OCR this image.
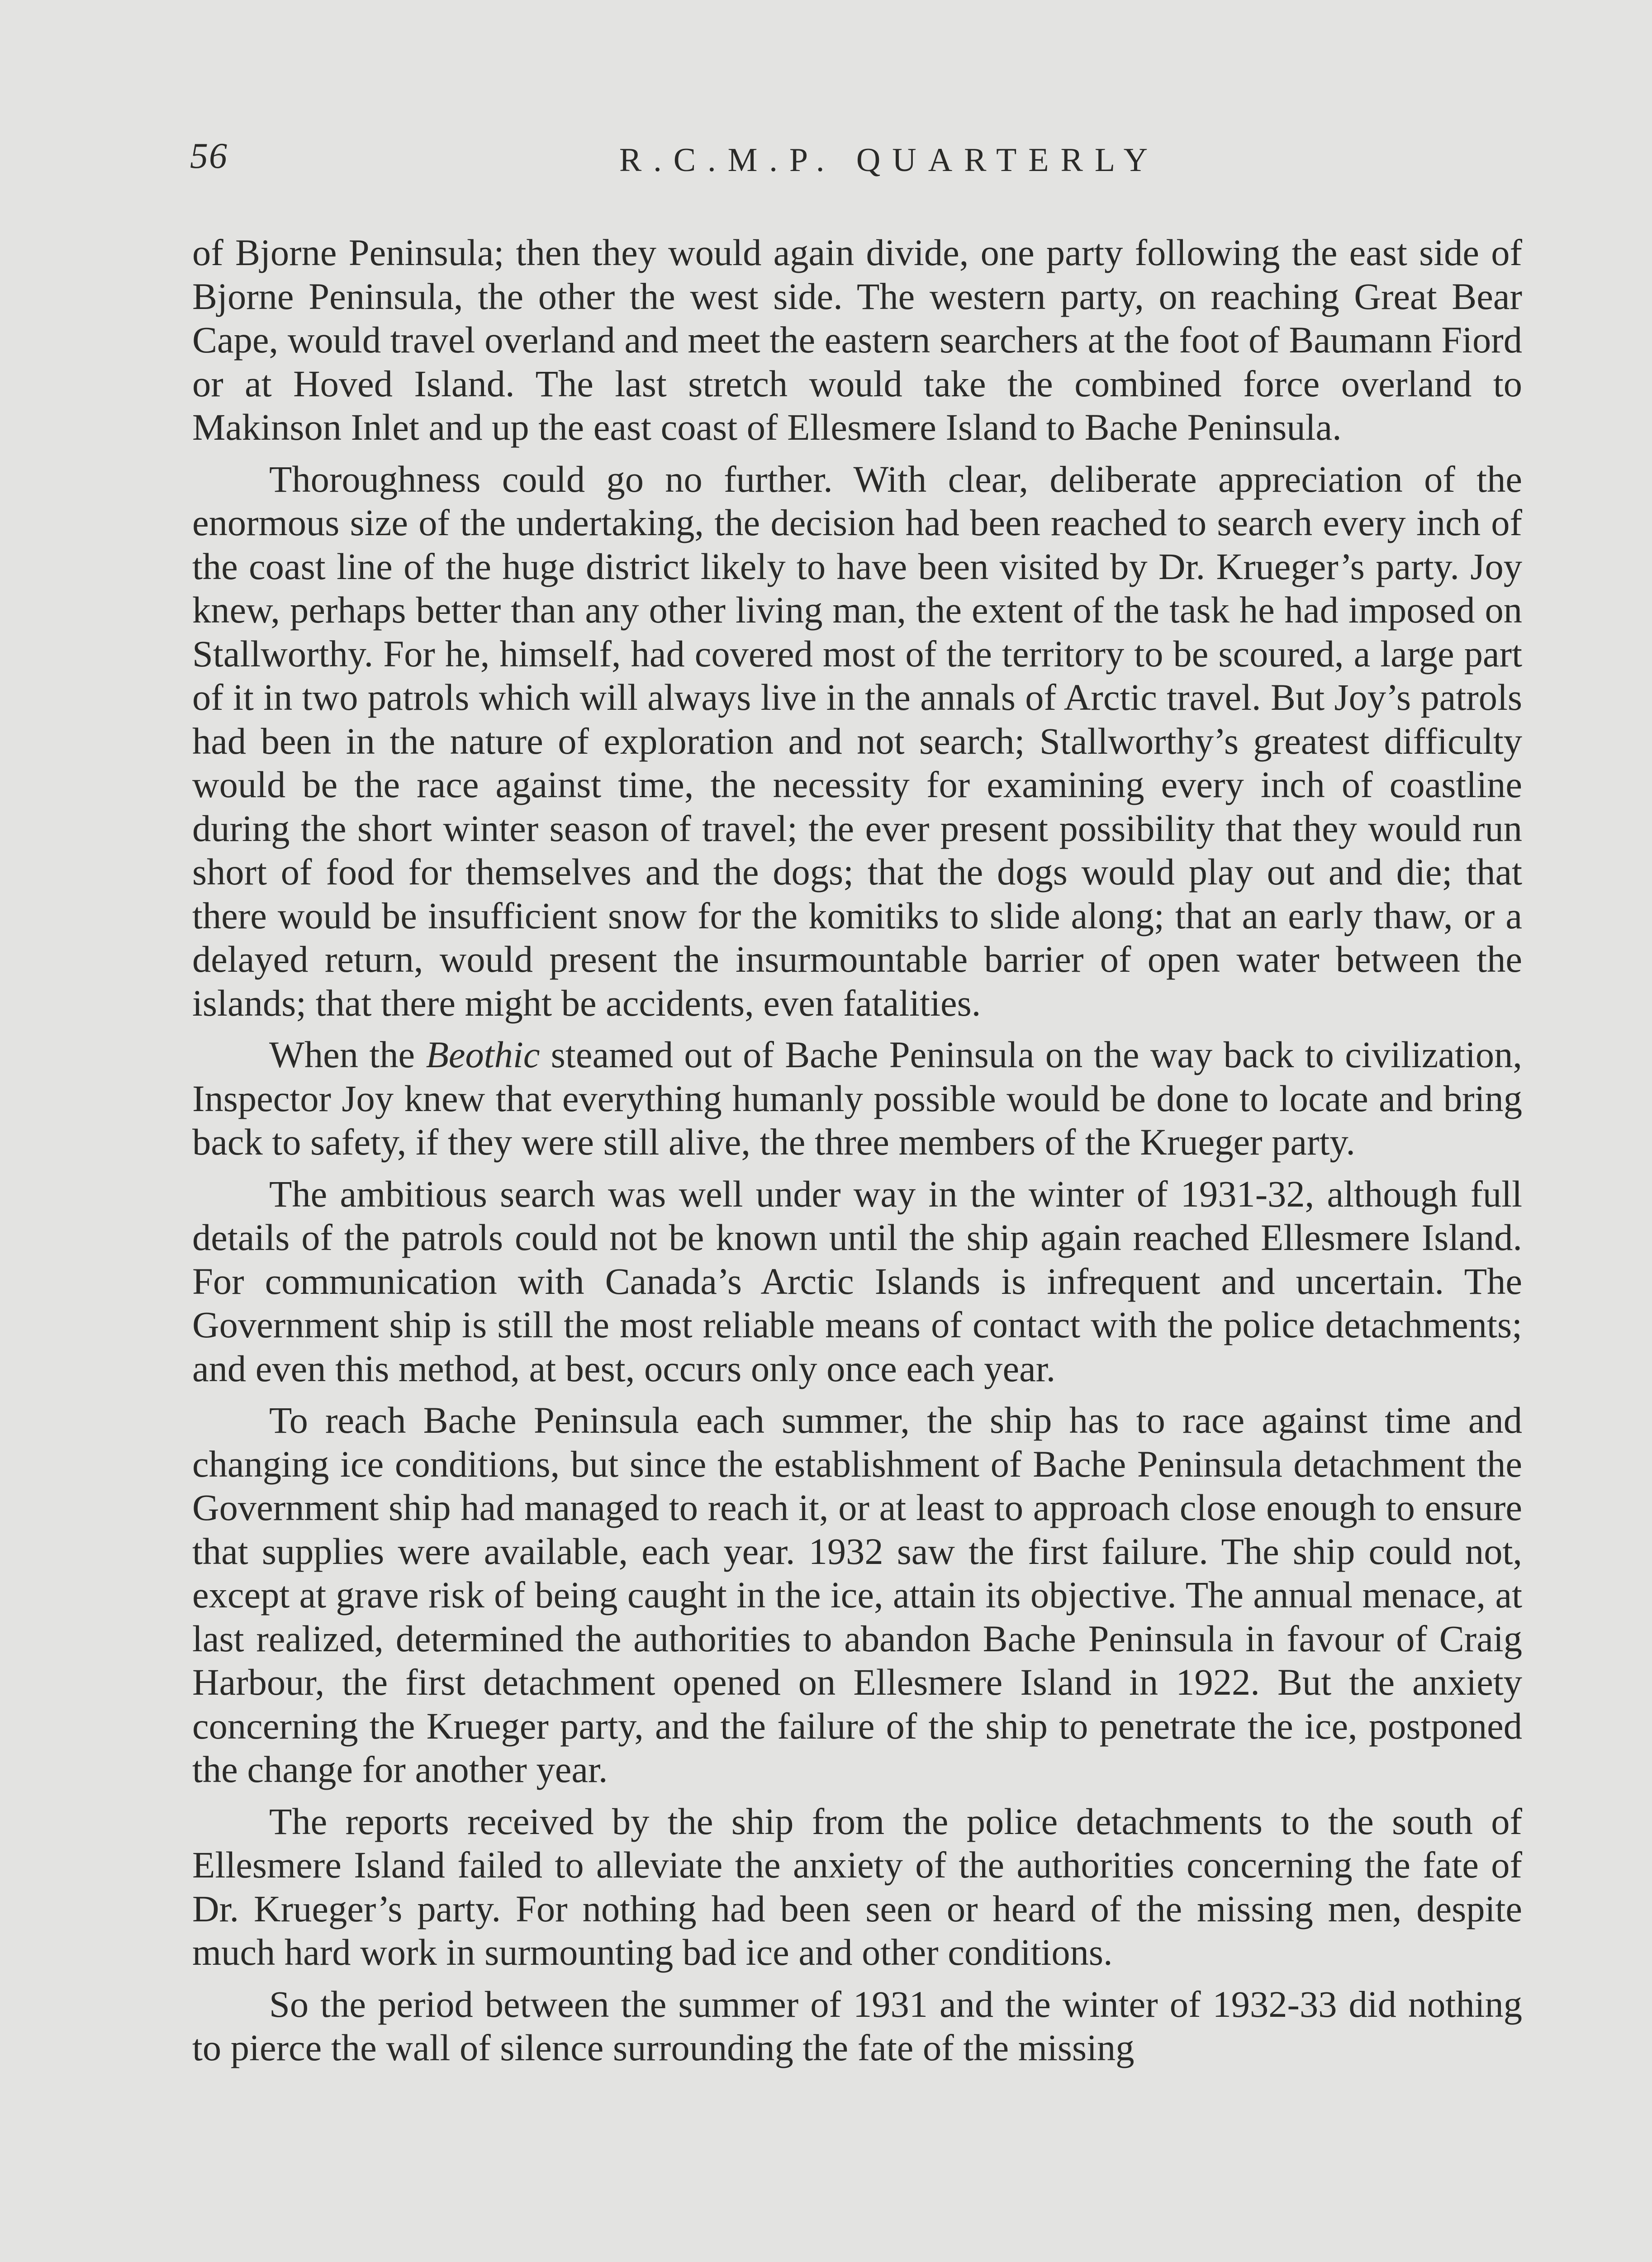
56	R.C.M.P. QUARTERLY

of Bjorne Peninsula; then they would again divide, one party following the east side of Bjorne Peninsula, the other the west side. The western party, on reaching Great Bear Cape, would travel overland and meet the eastern searchers at the foot of Baumann Fiord or at Hoved Island. The last stretch would take the combined force overland to Makinson Inlet and up the east coast of Ellesmere Island to Bache Peninsula.

Thoroughness could go no further. With clear, deliberate appreciation of the enormous size of the undertaking, the decision had been reached to search every inch of the coast line of the huge district likely to have been visited by Dr. Krueger’s party. Joy knew, perhaps better than any other living man, the extent of the task he had imposed on Stallworthy. For he, himself, had covered most of the territory to be scoured, a large part of it in two patrols which will always live in the annals of Arctic travel. But Joy’s patrols had been in the nature of exploration and not search; Stallworthy’s greatest difficulty would be the race against time, the necessity for examining every inch of coastline during the short winter season of travel; the ever present possibility that they would run short of food for themselves and the dogs; that the dogs would play out and die; that there would be insufficient snow for the komitiks to slide along; that an early thaw, or a delayed return, would present the insurmountable barrier of open water between the islands; that there might be accidents, even fatalities.

When the Beothic steamed out of Bache Peninsula on the way back to civilization, Inspector Joy knew that everything humanly possible would be done to locate and bring back to safety, if they were still alive, the three members of the Krueger party.

The ambitious search was well under way in the winter of 1931-32, although full details of the patrols could not be known until the ship again reached Ellesmere Island. For communication with Canada’s Arctic Islands is infrequent and uncertain. The Government ship is still the most reliable means of contact with the police detachments; and even this method, at best, occurs only once each year.

To reach Bache Peninsula each summer, the ship has to race against time and changing ice conditions, but since the establishment of Bache Peninsula detachment the Government ship had managed to reach it, or at least to approach close enough to ensure that supplies were available, each year. 1932 saw the first failure. The ship could not, except at grave risk of being caught in the ice, attain its objective. The annual menace, at last realized, determined the authorities to abandon Bache Peninsula in favour of Craig Harbour, the first detachment opened on Ellesmere Island in 1922. But the anxiety concerning the Krueger party, and the failure of the ship to penetrate the ice, postponed the change for another year.

The reports received by the ship from the police detachments to the south of Ellesmere Island failed to alleviate the anxiety of the authorities concerning the fate of Dr. Krueger’s party. For nothing had been seen or heard of the missing men, despite much hard work in surmounting bad ice and other conditions.

So the period between the summer of 1931 and the winter of 1932-33 did nothing to pierce the wall of silence surrounding the fate of the missing
